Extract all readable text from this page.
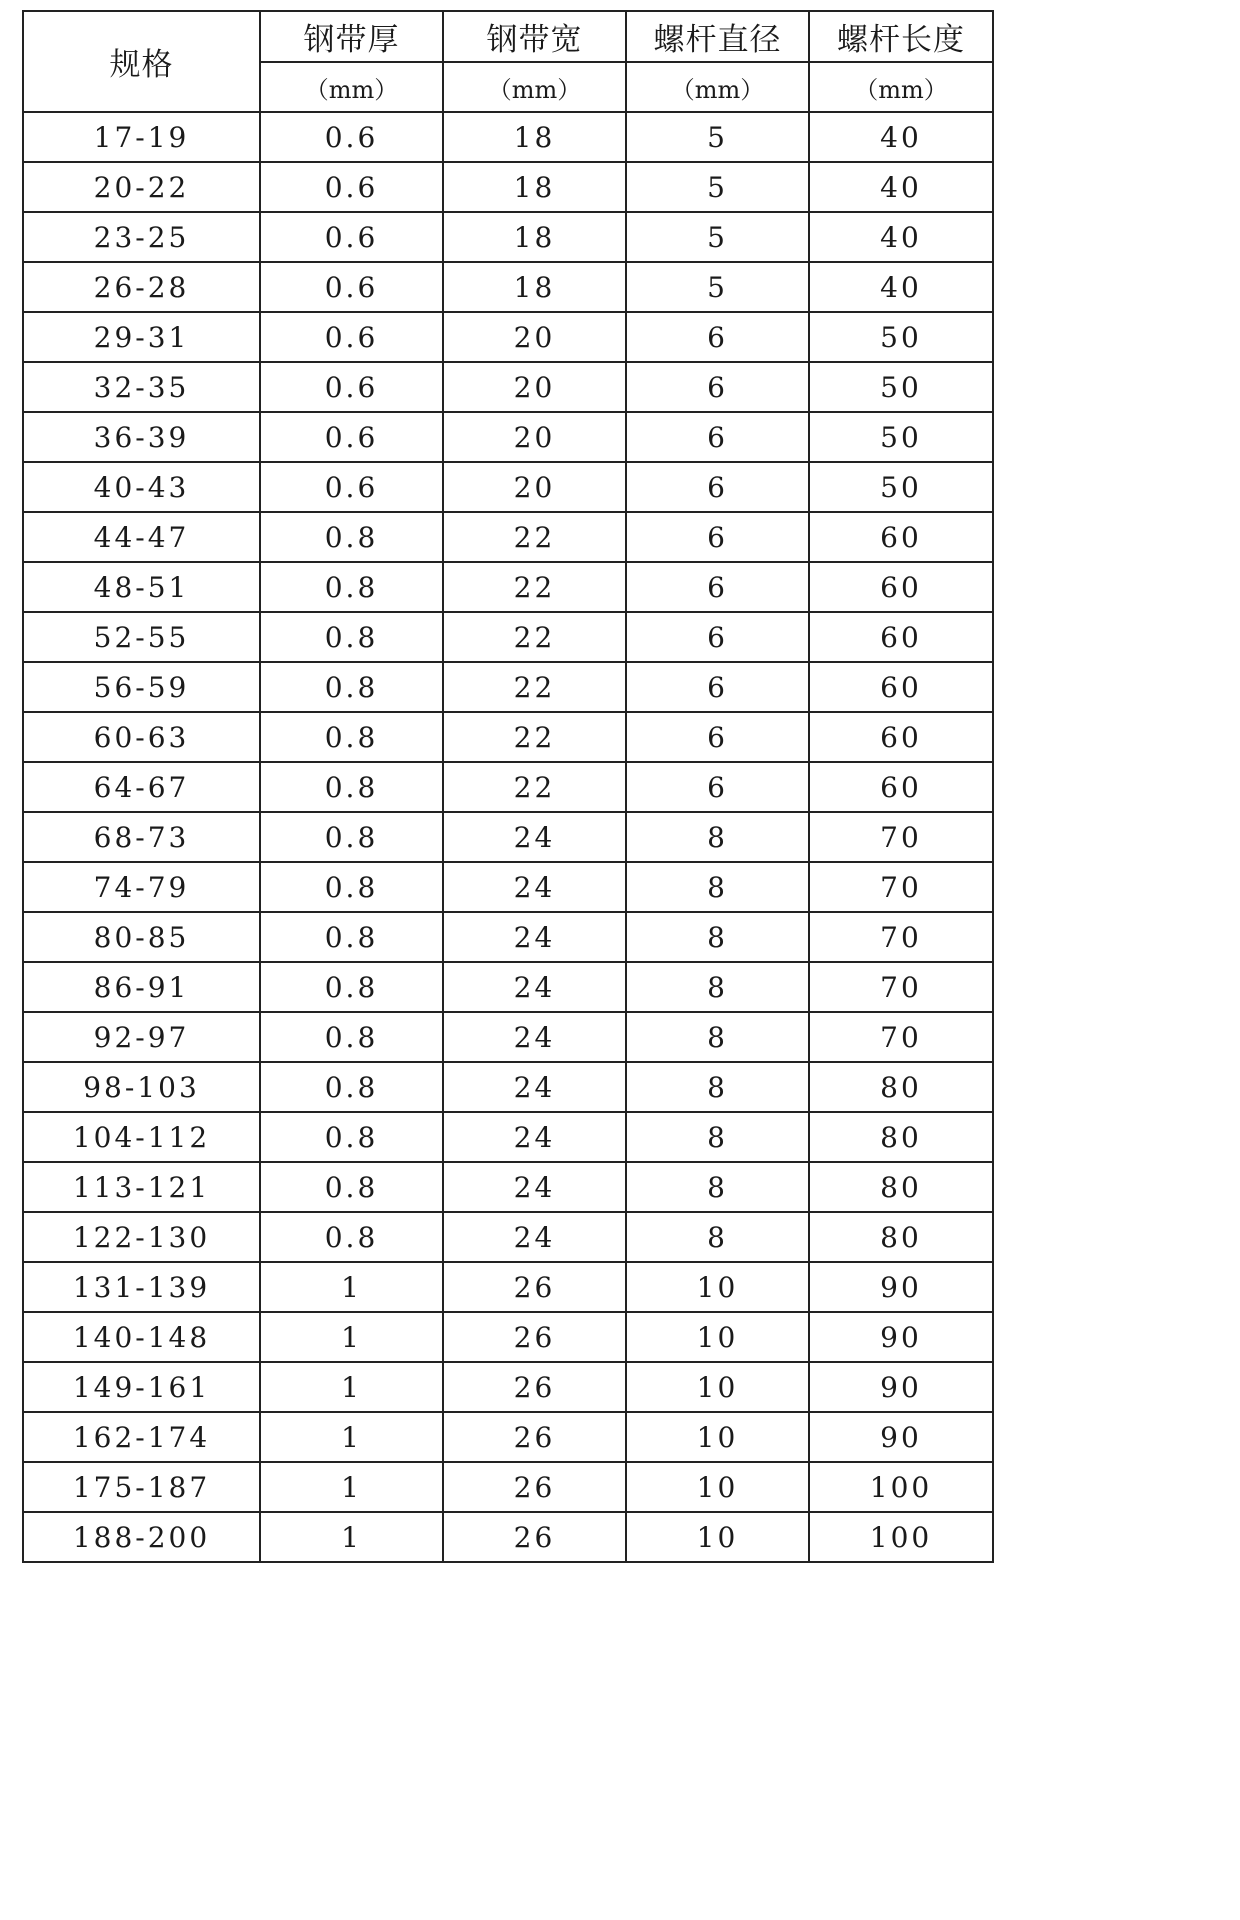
规格	钢带厚	钢带宽	螺杆直径	螺杆长度
	（mm）	（mm）	（mm）	（mm）
17-19	0.6	18	5	40
20-22	0.6	18	5	40
23-25	0.6	18	5	40
26-28	0.6	18	5	40
29-31	0.6	20	6	50
32-35	0.6	20	6	50
36-39	0.6	20	6	50
40-43	0.6	20	6	50
44-47	0.8	22	6	60
48-51	0.8	22	6	60
52-55	0.8	22	6	60
56-59	0.8	22	6	60
60-63	0.8	22	6	60
64-67	0.8	22	6	60
68-73	0.8	24	8	70
74-79	0.8	24	8	70
80-85	0.8	24	8	70
86-91	0.8	24	8	70
92-97	0.8	24	8	70
98-103	0.8	24	8	80
104-112	0.8	24	8	80
113-121	0.8	24	8	80
122-130	0.8	24	8	80
131-139	1	26	10	90
140-148	1	26	10	90
149-161	1	26	10	90
162-174	1	26	10	90
175-187	1	26	10	100
188-200	1	26	10	100
